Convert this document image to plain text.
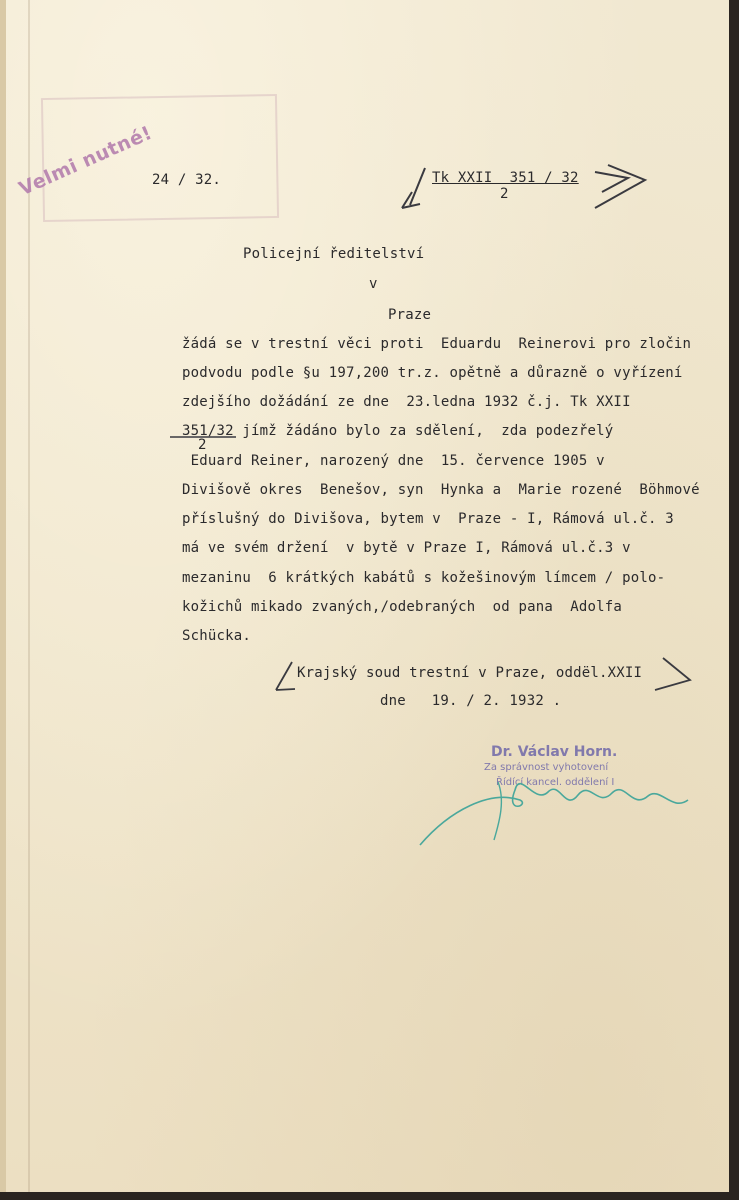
Velmi nutné!
24 / 32.	Tk XXII  351 / 32
2
Policejní ředitelství
v
Praze
žádá se v trestní věci proti  Eduardu  Reinerovi pro zločin
podvodu podle §u 197,200 tr.z. opětně a důrazně o vyřízení
zdejšího dožádání ze dne  23.ledna 1932 č.j. Tk XXII
351/32 jímž žádáno bylo za sdělení,  zda podezřelý
2
Eduard Reiner, narozený dne  15. července 1905 v
Divišově okres  Benešov, syn  Hynka a  Marie rozené  Böhmové
příslušný do Divišova, bytem v  Praze - I, Rámová ul.č. 3
má ve svém držení  v bytě v Praze I, Rámová ul.č.3 v
mezaninu  6 krátkých kabátů s kožešinovým límcem / polo-
kožichů mikado zvaných,/odebraných  od pana  Adolfa
Schücka.
Krajský soud trestní v Praze, oddël.XXII
dne   19. / 2. 1932 .
Dr. Václav Horn.
Za správnost vyhotovení
Řídící kancel. oddělení I
